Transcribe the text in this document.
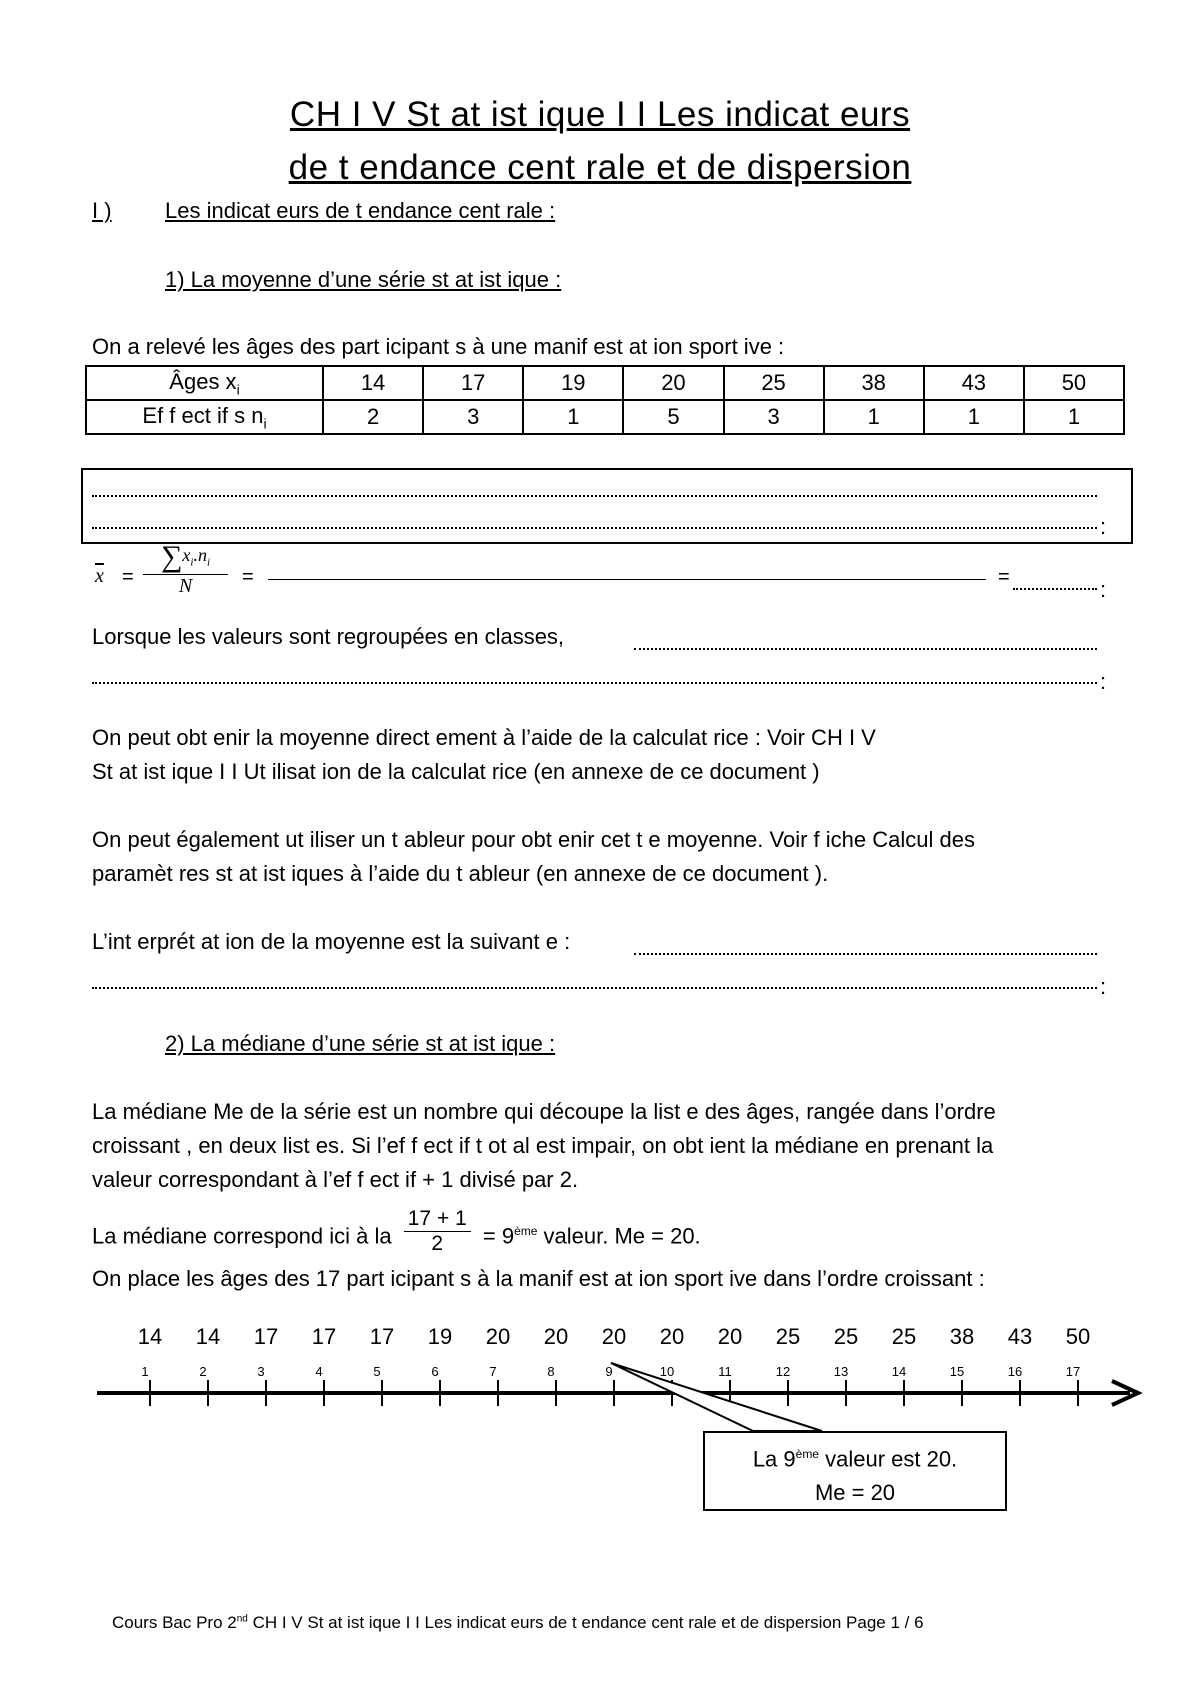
CH I V St at ist ique I I Les indicat eurs
de t endance cent rale et de dispersion
I ) Les indicat eurs de t endance cent rale :
1) La moyenne d’une série st at ist ique :
On a relevé les âges des part icipant s à une manif est at ion sport ive :
Âges $x_i$	14	17	19	20	25	38	43	50
Ef f ect if s $n_i$	2	3	1	5	3	1	1	1
:
$\overline{x}$ =
$\sum x_i.n_i$
N	=	=	:
Lorsque les valeurs sont regroupées en classes,
:
On peut obt enir la moyenne direct ement à l’aide de la calculat rice : Voir CH I V
St at ist ique I I Ut ilisat ion de la calculat rice (en annexe de ce document )
On peut également ut iliser un t ableur pour obt enir cet t e moyenne. Voir f iche Calcul des
paramèt res st at ist iques à l’aide du t ableur (en annexe de ce document ).
L’int erprét at ion de la moyenne est la suivant e :
:
2) La médiane d’une série st at ist ique :
La médiane Me de la série est un nombre qui découpe la list e des âges, rangée dans l’ordre
croissant , en deux list es. Si l’ef f ect if t ot al est impair, on obt ient la médiane en prenant la
valeur correspondant à l’ef f ect if + 1 divisé par 2.
La médiane correspond ici à la $\frac{17 + 1}{2} = 9ème$ valeur. Me = 20.
On place les âges des 17 part icipant s à la manif est at ion sport ive dans l’ordre croissant :
14
1
14
2
17
3
17
4
17
5
19
6
20
7
20
8
20
9
20
10
20
11
25
12
25
13
25
14
38
15
43
16
50
17
La 9ème valeur est 20.
Me = 20
Cours Bac Pro 2nd CH I V St at ist ique I I Les indicat eurs de t endance cent rale et de dispersion Page 1 / 6
